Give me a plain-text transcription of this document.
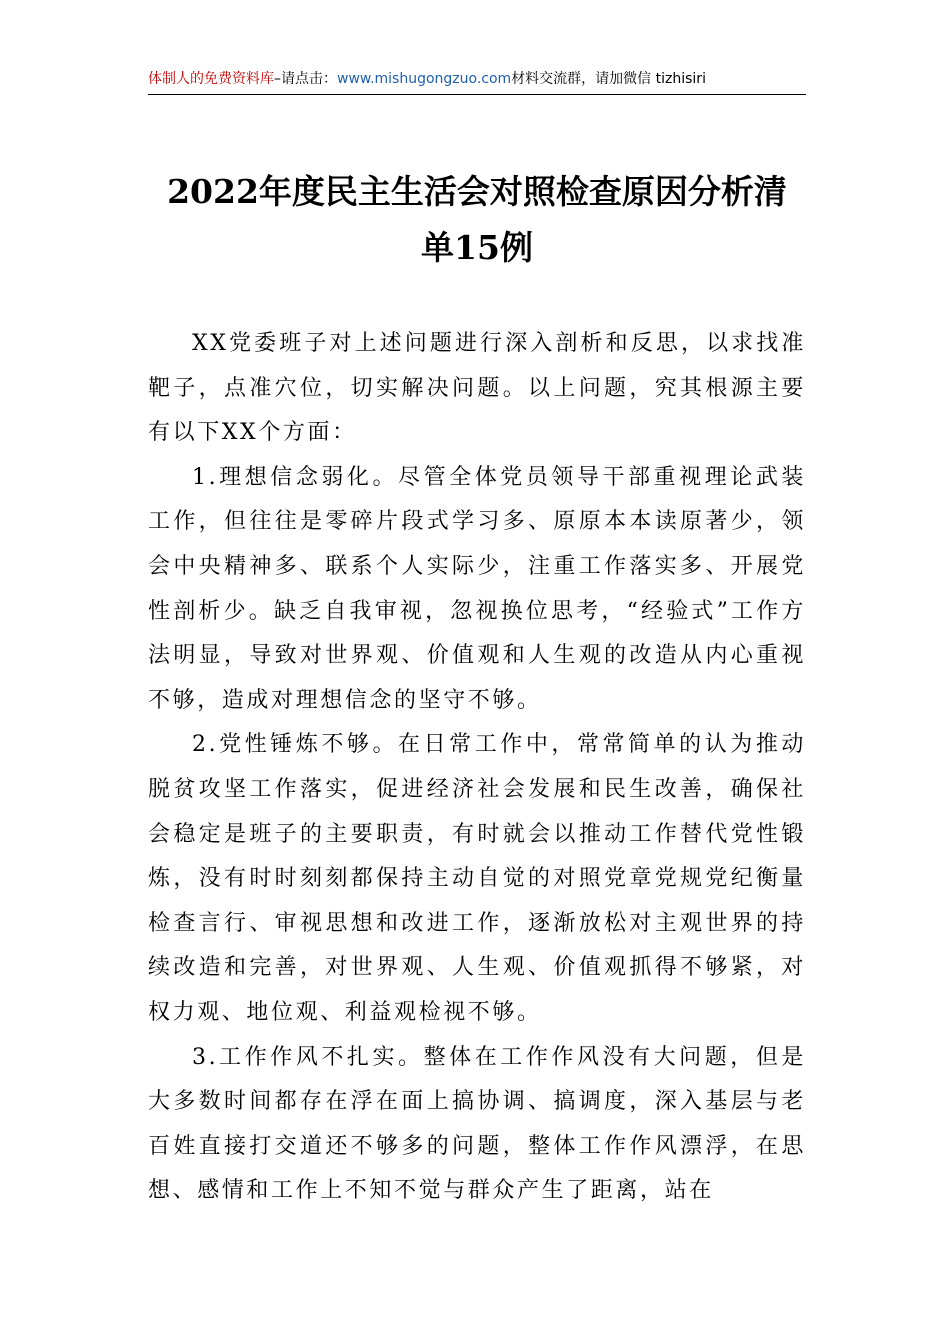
体制人的免费资料库–请点击：www.mishugongzuo.com材料交流群，请加微信 tizhisiri
2022年度民主生活会对照检查原因分析清
单15例

XX党委班子对上述问题进行深入剖析和反思，以求找准靶子，点准穴位，切实解决问题。以上问题，究其根源主要有以下XX个方面：

1.理想信念弱化。尽管全体党员领导干部重视理论武装工作，但往往是零碎片段式学习多、原原本本读原著少，领会中央精神多、联系个人实际少，注重工作落实多、开展党性剖析少。缺乏自我审视，忽视换位思考，“经验式”工作方法明显，导致对世界观、价值观和人生观的改造从内心重视不够，造成对理想信念的坚守不够。

2.党性锤炼不够。在日常工作中，常常简单的认为推动脱贫攻坚工作落实，促进经济社会发展和民生改善，确保社会稳定是班子的主要职责，有时就会以推动工作替代党性锻炼，没有时时刻刻都保持主动自觉的对照党章党规党纪衡量检查言行、审视思想和改进工作，逐渐放松对主观世界的持续改造和完善，对世界观、人生观、价值观抓得不够紧，对权力观、地位观、利益观检视不够。

3.工作作风不扎实。整体在工作作风没有大问题，但是大多数时间都存在浮在面上搞协调、搞调度，深入基层与老百姓直接打交道还不够多的问题，整体工作作风漂浮，在思想、感情和工作上不知不觉与群众产生了距离，站在
